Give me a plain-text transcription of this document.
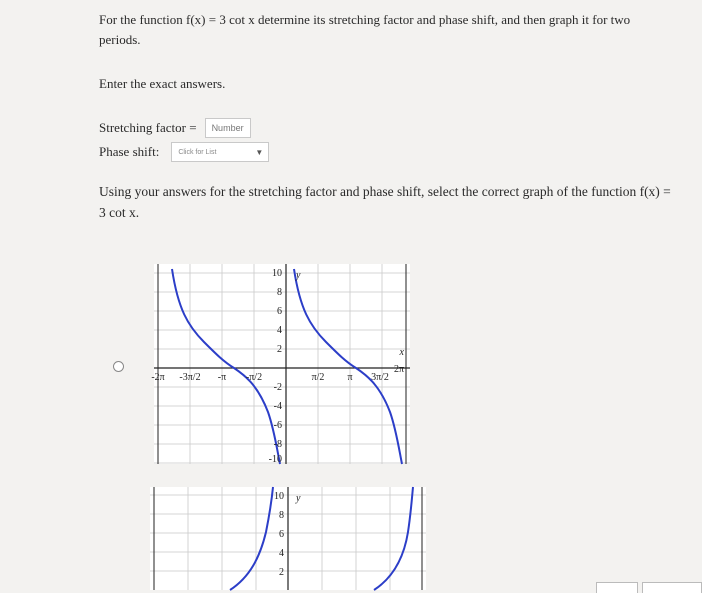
For the function f(x) = 3 cot x determine its stretching factor and phase shift, and then graph it for two periods.
Enter the exact answers.
Stretching factor =	Number
Phase shift:	Click for List	▼
Using your answers for the stretching factor and phase shift, select the correct graph of the function f(x) = 3 cot x.
10
8
6
4
2
-2
-4
-6
-8
-10
-2π -3π/2 -π -π/2	π/2 π 3π/2
2π
x
y
10
8
6
4
2
y
